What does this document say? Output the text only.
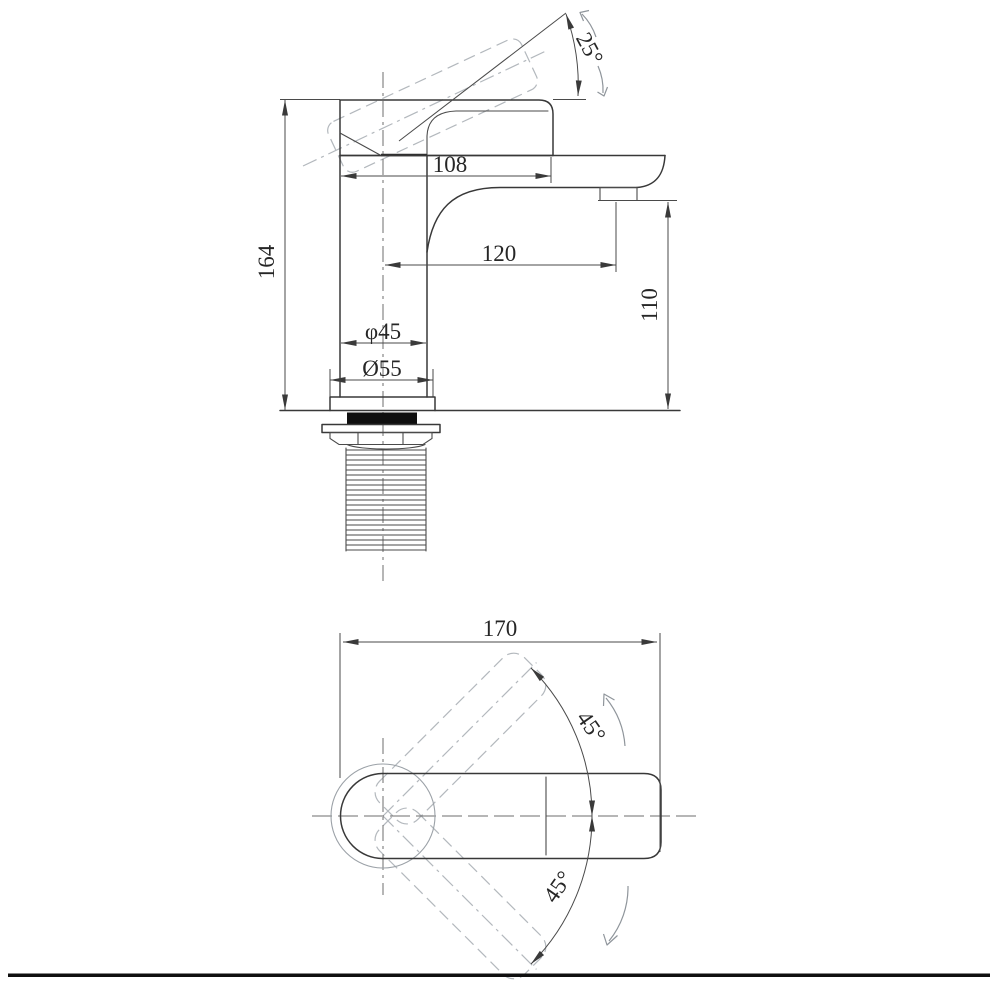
164
108
120
110
φ45
Ø55
25°
170
45°
45°
